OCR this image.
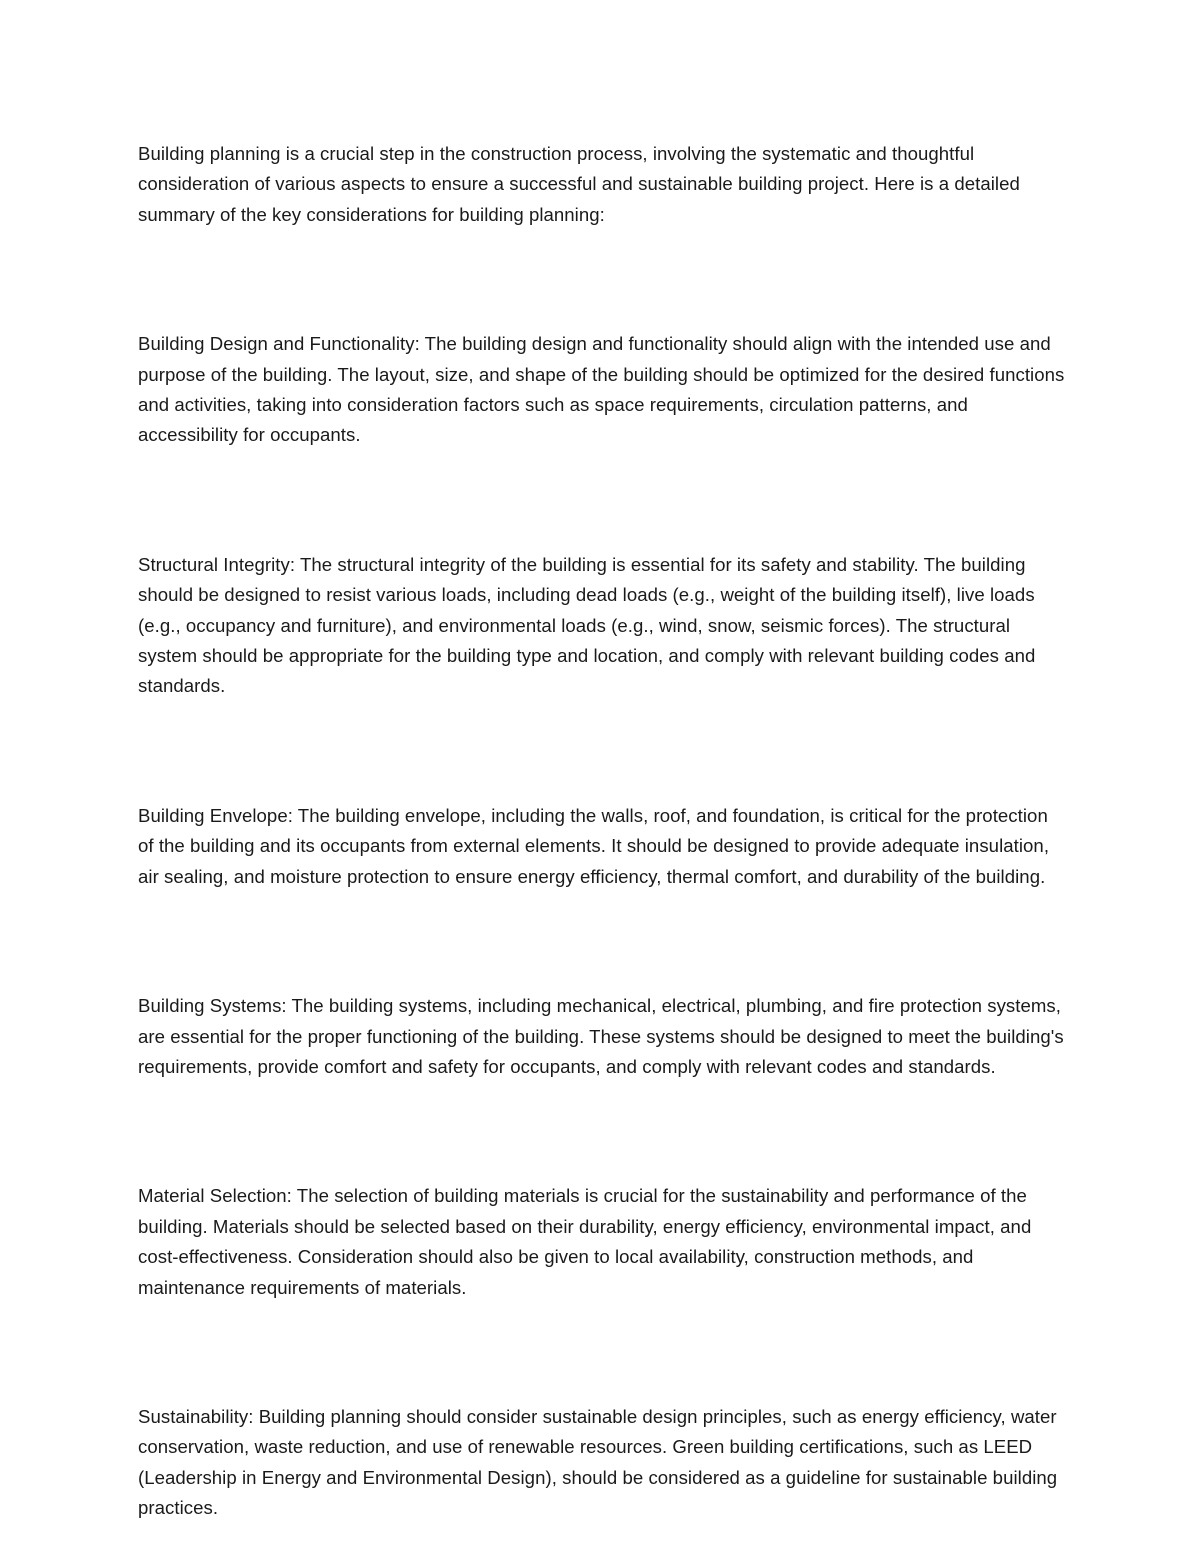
Building planning is a crucial step in the construction process, involving the systematic and thoughtful consideration of various aspects to ensure a successful and sustainable building project. Here is a detailed summary of the key considerations for building planning:

Building Design and Functionality: The building design and functionality should align with the intended use and purpose of the building. The layout, size, and shape of the building should be optimized for the desired functions and activities, taking into consideration factors such as space requirements, circulation patterns, and accessibility for occupants.

Structural Integrity: The structural integrity of the building is essential for its safety and stability. The building should be designed to resist various loads, including dead loads (e.g., weight of the building itself), live loads (e.g., occupancy and furniture), and environmental loads (e.g., wind, snow, seismic forces). The structural system should be appropriate for the building type and location, and comply with relevant building codes and standards.

Building Envelope: The building envelope, including the walls, roof, and foundation, is critical for the protection of the building and its occupants from external elements. It should be designed to provide adequate insulation, air sealing, and moisture protection to ensure energy efficiency, thermal comfort, and durability of the building.

Building Systems: The building systems, including mechanical, electrical, plumbing, and fire protection systems, are essential for the proper functioning of the building. These systems should be designed to meet the building's requirements, provide comfort and safety for occupants, and comply with relevant codes and standards.

Material Selection: The selection of building materials is crucial for the sustainability and performance of the building. Materials should be selected based on their durability, energy efficiency, environmental impact, and cost-effectiveness. Consideration should also be given to local availability, construction methods, and maintenance requirements of materials.

Sustainability: Building planning should consider sustainable design principles, such as energy efficiency, water conservation, waste reduction, and use of renewable resources. Green building certifications, such as LEED (Leadership in Energy and Environmental Design), should be considered as a guideline for sustainable building practices.
